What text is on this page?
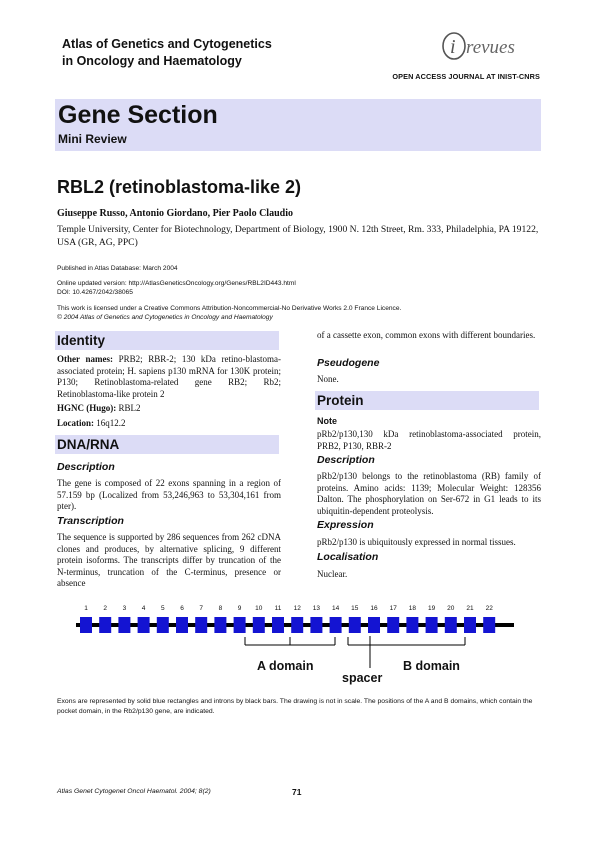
Atlas of Genetics and Cytogenetics
in Oncology and Haematology
i revues
OPEN ACCESS JOURNAL AT INIST-CNRS
Gene Section
Mini Review
RBL2 (retinoblastoma-like 2)
Giuseppe Russo, Antonio Giordano, Pier Paolo Claudio
Temple University, Center for Biotechnology, Department of Biology, 1900 N. 12th Street, Rm. 333, Philadelphia, PA 19122, USA (GR, AG, PPC)
Published in Atlas Database: March 2004
Online updated version: http://AtlasGeneticsOncology.org/Genes/RBL2ID443.html
DOI: 10.4267/2042/38065
This work is licensed under a Creative Commons Attribution-Noncommercial-No Derivative Works 2.0 France Licence.
© 2004 Atlas of Genetics and Cytogenetics in Oncology and Haematology
Identity

Other names: PRB2; RBR-2; 130 kDa retino-blastoma-associated protein; H. sapiens p130 mRNA for 130K protein; P130; Retinoblastoma-related gene RB2; Rb2; Retinoblastoma-like protein 2

HGNC (Hugo): RBL2

Location: 16q12.2

DNA/RNA
Description
The gene is composed of 22 exons spanning in a region of 57.159 bp (Localized from 53,246,963 to 53,304,161 from pter).
Transcription
The sequence is supported by 286 sequences from 262 cDNA clones and produces, by alternative splicing, 9 different protein isoforms. The transcripts differ by truncation of the N-terminus, truncation of the C-terminus, presence or absence
of a cassette exon, common exons with different boundaries.
Pseudogene
None.
Protein
Note
pRb2/p130,130 kDa retinoblastoma-associated protein, PRB2, P130, RBR-2
Description
pRb2/p130 belongs to the retinoblastoma (RB) family of proteins. Amino acids: 1139; Molecular Weight: 128356 Dalton. The phosphorylation on Ser-672 in G1 leads to its ubiquitin-dependent proteolysis.
Expression
pRb2/p130 is ubiquitously expressed in normal tissues.
Localisation
Nuclear.
1 2 3 4 5 6 7 8 9 10 11 12 13 14 15 16 17 18 19 20 21 22
A domain
spacer
B domain
Exons are represented by solid blue rectangles and introns by black bars. The drawing is not in scale. The positions of the A and B domains, which contain the pocket domain, in the Rb2/p130 gene, are indicated.
Atlas Genet Cytogenet Oncol Haematol. 2004; 8(2)	71
